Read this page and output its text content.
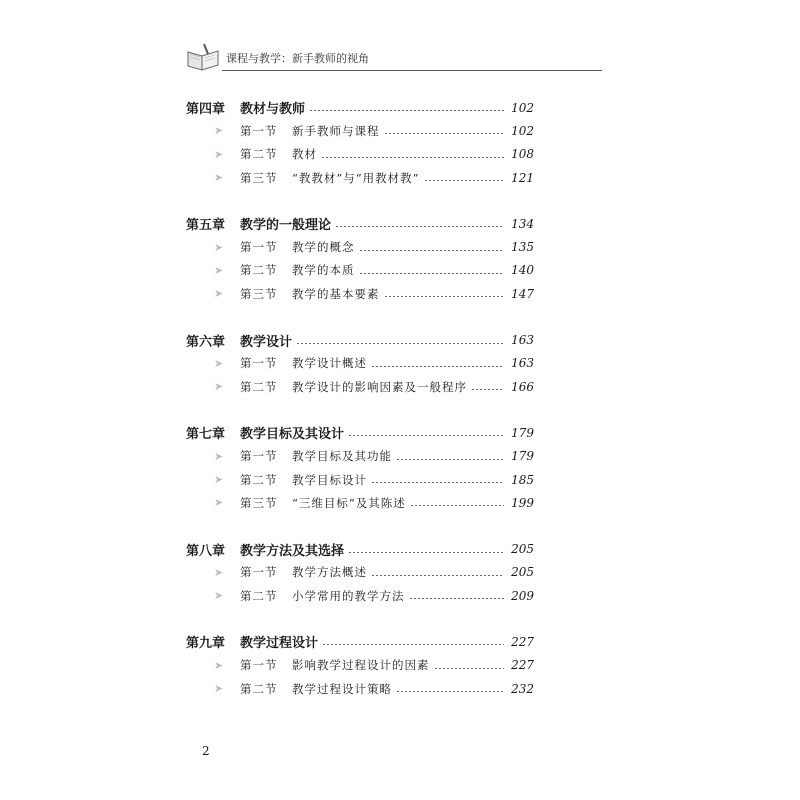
课程与教学：新手教师的视角
第四章	教材与教师	102
➤	第一节	新手教师与课程	102
➤	第二节	教材	108
➤	第三节	“教教材”与“用教材教”	121
第五章	教学的一般理论	134
➤	第一节	教学的概念	135
➤	第二节	教学的本质	140
➤	第三节	教学的基本要素	147
第六章	教学设计	163
➤	第一节	教学设计概述	163
➤	第二节	教学设计的影响因素及一般程序	166
第七章	教学目标及其设计	179
➤	第一节	教学目标及其功能	179
➤	第二节	教学目标设计	185
➤	第三节	“三维目标”及其陈述	199
第八章	教学方法及其选择	205
➤	第一节	教学方法概述	205
➤	第二节	小学常用的教学方法	209
第九章	教学过程设计	227
➤	第一节	影响教学过程设计的因素	227
➤	第二节	教学过程设计策略	232
2
